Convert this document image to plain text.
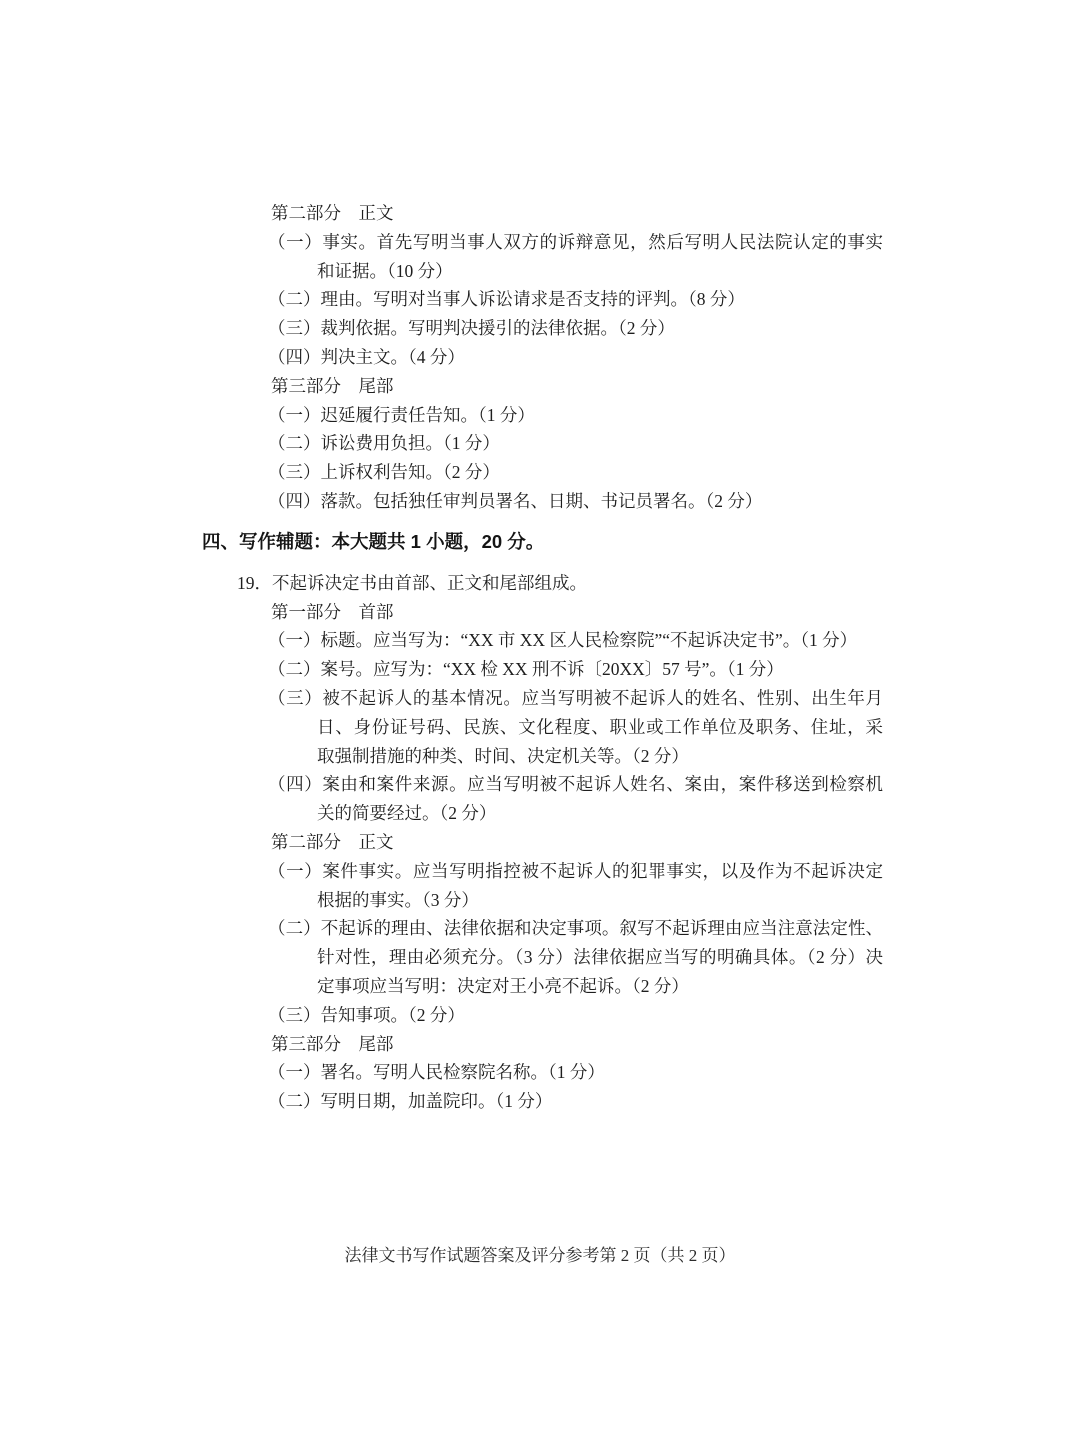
第二部分　正文
（一）事实。首先写明当事人双方的诉辩意见，然后写明人民法院认定的事实
和证据。（10 分）
（二）理由。写明对当事人诉讼请求是否支持的评判。（8 分）
（三）裁判依据。写明判决援引的法律依据。（2 分）
（四）判决主文。（4 分）
第三部分　尾部
（一）迟延履行责任告知。（1 分）
（二）诉讼费用负担。（1 分）
（三）上诉权利告知。（2 分）
（四）落款。包括独任审判员署名、日期、书记员署名。（2 分）
四、写作辅题：本大题共 1 小题，20 分。
19．不起诉决定书由首部、正文和尾部组成。
第一部分　首部
（一）标题。应当写为：“XX 市 XX 区人民检察院”“不起诉决定书”。（1 分）
（二）案号。应写为：“XX 检 XX 刑不诉〔20XX〕57 号”。（1 分）
（三）被不起诉人的基本情况。应当写明被不起诉人的姓名、性别、出生年月
日、身份证号码、民族、文化程度、职业或工作单位及职务、住址，采
取强制措施的种类、时间、决定机关等。（2 分）
（四）案由和案件来源。应当写明被不起诉人姓名、案由，案件移送到检察机
关的简要经过。（2 分）
第二部分　正文
（一）案件事实。应当写明指控被不起诉人的犯罪事实，以及作为不起诉决定
根据的事实。（3 分）
（二）不起诉的理由、法律依据和决定事项。叙写不起诉理由应当注意法定性、
针对性，理由必须充分。（3 分）法律依据应当写的明确具体。（2 分）决
定事项应当写明：决定对王小亮不起诉。（2 分）
（三）告知事项。（2 分）
第三部分　尾部
（一）署名。写明人民检察院名称。（1 分）
（二）写明日期，加盖院印。（1 分）
法律文书写作试题答案及评分参考第 2 页（共 2 页）
